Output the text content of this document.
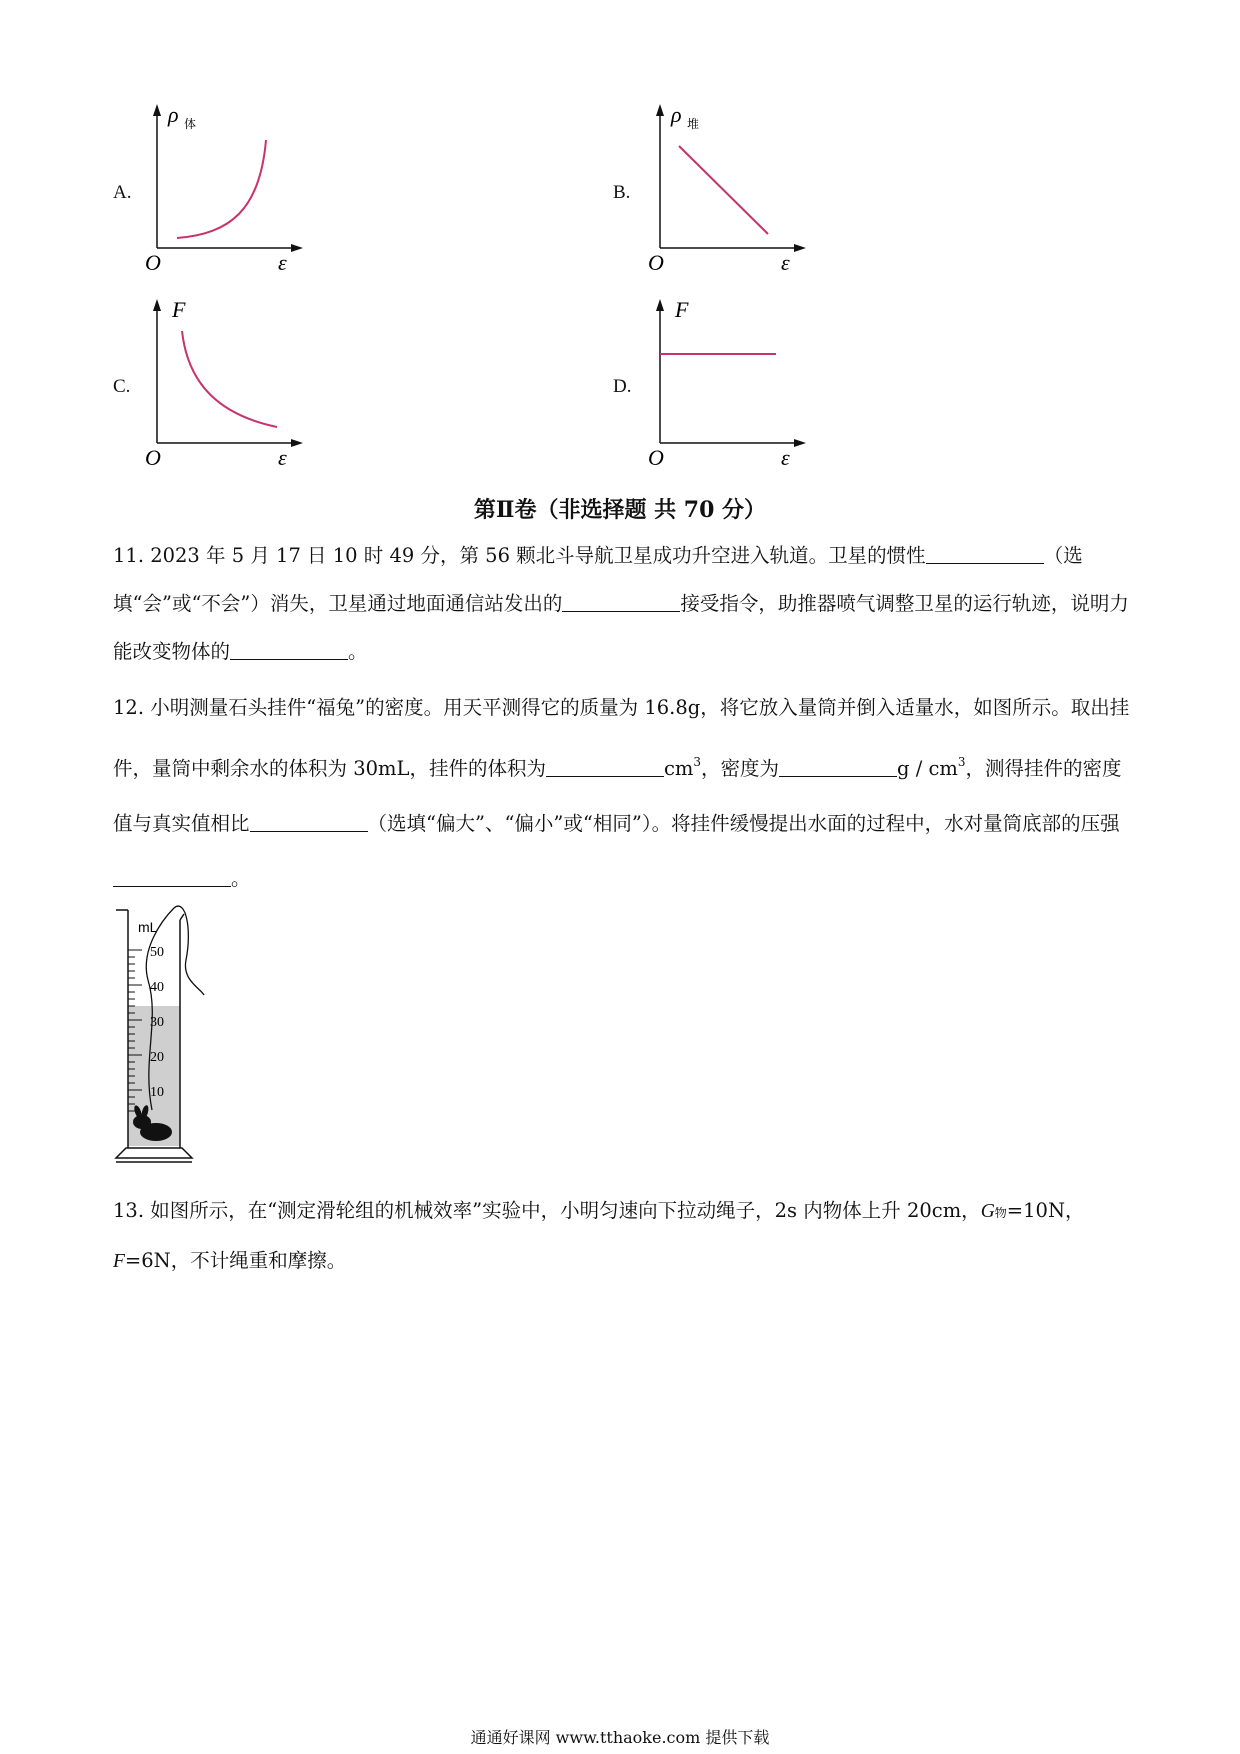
A.
ρ 体
O	ε
B.
ρ 堆
O	ε
C.
F
O	ε
D.
F
O	ε
第Ⅱ卷（非选择题 共 70 分）
11. 2023 年 5 月 17 日 10 时 49 分，第 56 颗北斗导航卫星成功升空进入轨道。卫星的惯性	（选填“会”或“不会”）消失，卫星通过地面通信站发出的	接受指令，助推器喷气调整卫星的运行轨迹，说明力能改变物体的	。
12. 小明测量石头挂件“福兔”的密度。用天平测得它的质量为 16.8g，将它放入量筒并倒入适量水，如图所示。取出挂件，量筒中剩余水的体积为 30mL，挂件的体积为	$cm^3$，密度为	g / $cm^3$，测得挂件的密度值与真实值相比	（选填“偏大”、“偏小”或“相同”）。将挂件缓慢提出水面的过程中，水对量筒底部的压强。
mL
50
40
30
20
10
13. 如图所示，在“测定滑轮组的机械效率”实验中，小明匀速向下拉动绳子，2s 内物体上升 20cm，G物=10N，F=6N，不计绳重和摩擦。
通通好课网 www.tthaoke.com 提供下载
